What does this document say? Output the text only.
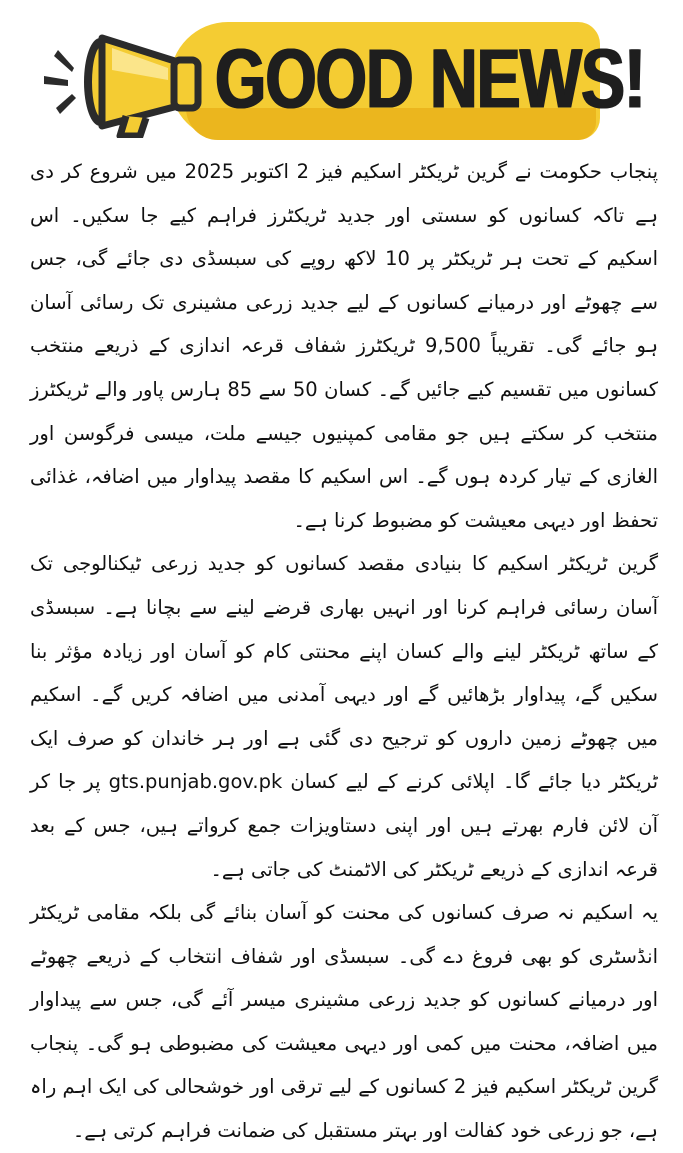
GOOD NEWS!

پنجاب حکومت نے گرین ٹریکٹر اسکیم فیز 2 اکتوبر 2025 میں شروع کر دی ہے تاکہ کسانوں کو سستی اور جدید ٹریکٹرز فراہم کیے جا سکیں۔ اس اسکیم کے تحت ہر ٹریکٹر پر 10 لاکھ روپے کی سبسڈی دی جائے گی، جس سے چھوٹے اور درمیانے کسانوں کے لیے جدید زرعی مشینری تک رسائی آسان ہو جائے گی۔ تقریباً 9,500 ٹریکٹرز شفاف قرعہ اندازی کے ذریعے منتخب کسانوں میں تقسیم کیے جائیں گے۔ کسان 50 سے 85 ہارس پاور والے ٹریکٹرز منتخب کر سکتے ہیں جو مقامی کمپنیوں جیسے ملت، میسی فرگوسن اور الغازی کے تیار کردہ ہوں گے۔ اس اسکیم کا مقصد پیداوار میں اضافہ، غذائی تحفظ اور دیہی معیشت کو مضبوط کرنا ہے۔

گرین ٹریکٹر اسکیم کا بنیادی مقصد کسانوں کو جدید زرعی ٹیکنالوجی تک آسان رسائی فراہم کرنا اور انہیں بھاری قرضے لینے سے بچانا ہے۔ سبسڈی کے ساتھ ٹریکٹر لینے والے کسان اپنے محنتی کام کو آسان اور زیادہ مؤثر بنا سکیں گے، پیداوار بڑھائیں گے اور دیہی آمدنی میں اضافہ کریں گے۔ اسکیم میں چھوٹے زمین داروں کو ترجیح دی گئی ہے اور ہر خاندان کو صرف ایک ٹریکٹر دیا جائے گا۔ اپلائی کرنے کے لیے کسان gts.punjab.gov.pk پر جا کر آن لائن فارم بھرتے ہیں اور اپنی دستاویزات جمع کرواتے ہیں، جس کے بعد قرعہ اندازی کے ذریعے ٹریکٹر کی الاٹمنٹ کی جاتی ہے۔

یہ اسکیم نہ صرف کسانوں کی محنت کو آسان بنائے گی بلکہ مقامی ٹریکٹر انڈسٹری کو بھی فروغ دے گی۔ سبسڈی اور شفاف انتخاب کے ذریعے چھوٹے اور درمیانے کسانوں کو جدید زرعی مشینری میسر آئے گی، جس سے پیداوار میں اضافہ، محنت میں کمی اور دیہی معیشت کی مضبوطی ہو گی۔ پنجاب گرین ٹریکٹر اسکیم فیز 2 کسانوں کے لیے ترقی اور خوشحالی کی ایک اہم راہ ہے، جو زرعی خود کفالت اور بہتر مستقبل کی ضمانت فراہم کرتی ہے۔
